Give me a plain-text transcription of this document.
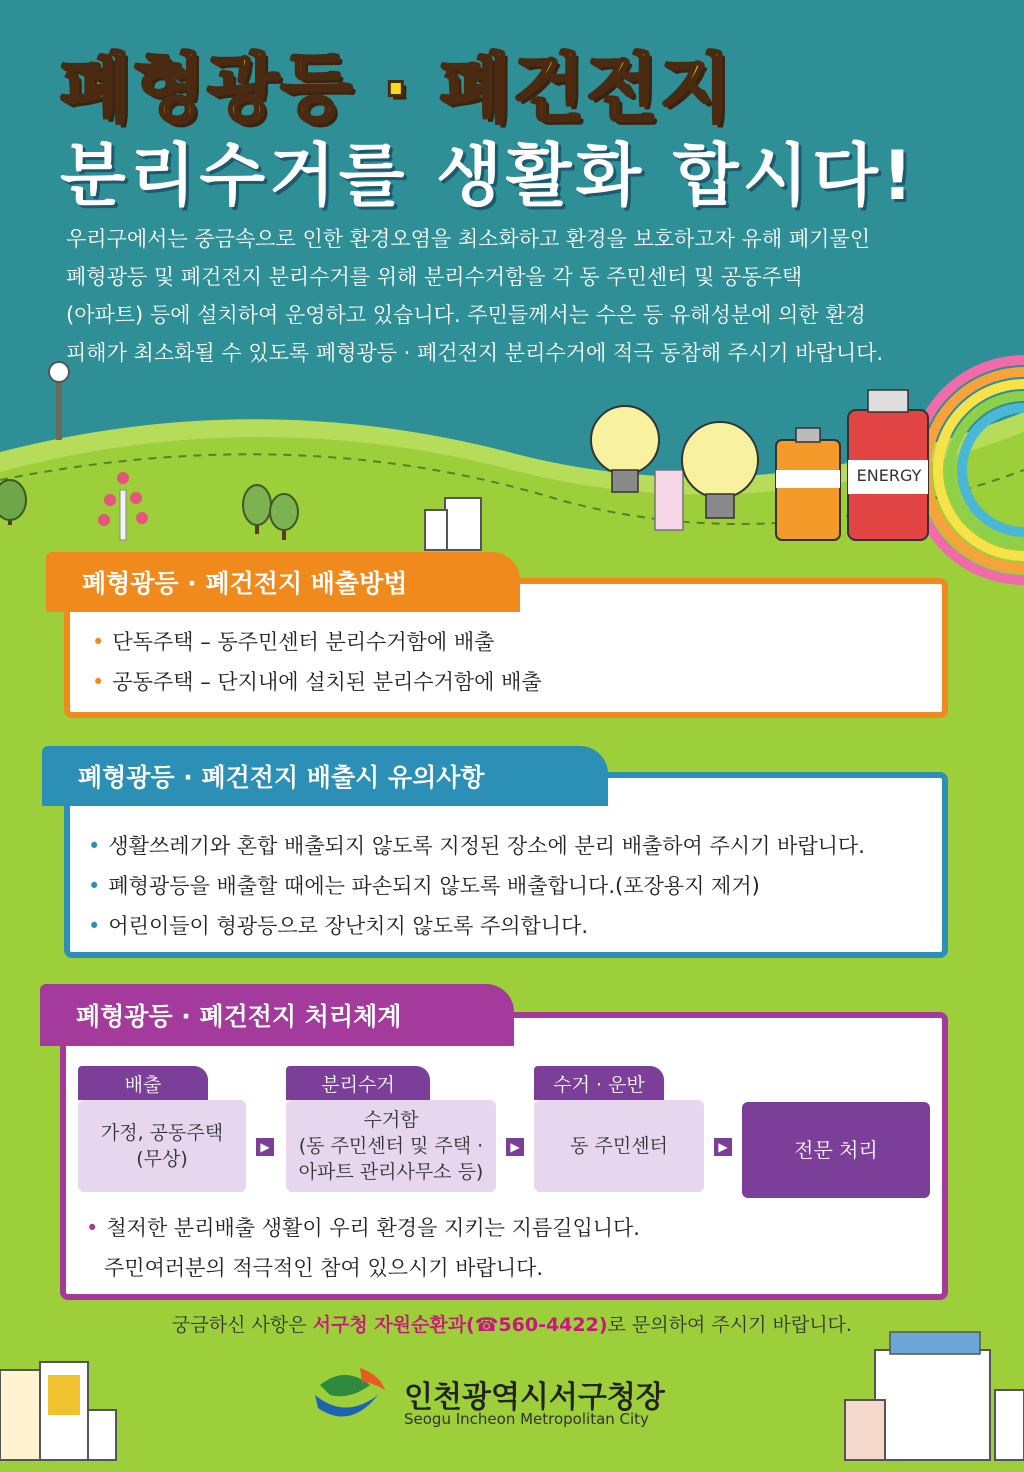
폐형광등 · 폐건전지
분리수거를 생활화 합시다!
우리구에서는 중금속으로 인한 환경오염을 최소화하고 환경을 보호하고자 유해 폐기물인
폐형광등 및 폐건전지 분리수거를 위해 분리수거함을 각 동 주민센터 및 공동주택
(아파트) 등에 설치하여 운영하고 있습니다. 주민들께서는 수은 등 유해성분에 의한 환경
피해가 최소화될 수 있도록 폐형광등 · 폐건전지 분리수거에 적극 동참해 주시기 바랍니다.
ENERGY
폐형광등 · 폐건전지 배출방법
• 단독주택 – 동주민센터 분리수거함에 배출
• 공동주택 – 단지내에 설치된 분리수거함에 배출
폐형광등 · 폐건전지 배출시 유의사항
• 생활쓰레기와 혼합 배출되지 않도록 지정된 장소에 분리 배출하여 주시기 바랍니다.
• 폐형광등을 배출할 때에는 파손되지 않도록 배출합니다.(포장용지 제거)
• 어린이들이 형광등으로 장난치지 않도록 주의합니다.
폐형광등 · 폐건전지 처리체계
배출	분리수거	수거 · 운반
가정, 공동주택
(무상)
▶
수거함
(동 주민센터 및 주택 ·
아파트 관리사무소 등)
▶	동 주민센터	▶	전문 처리
• 철저한 분리배출 생활이 우리 환경을 지키는 지름길입니다.
주민여러분의 적극적인 참여 있으시기 바랍니다.
궁금하신 사항은 서구청 자원순환과(☎560-4422)로 문의하여 주시기 바랍니다.
인천광역시서구청장
Seogu Incheon Metropolitan City
